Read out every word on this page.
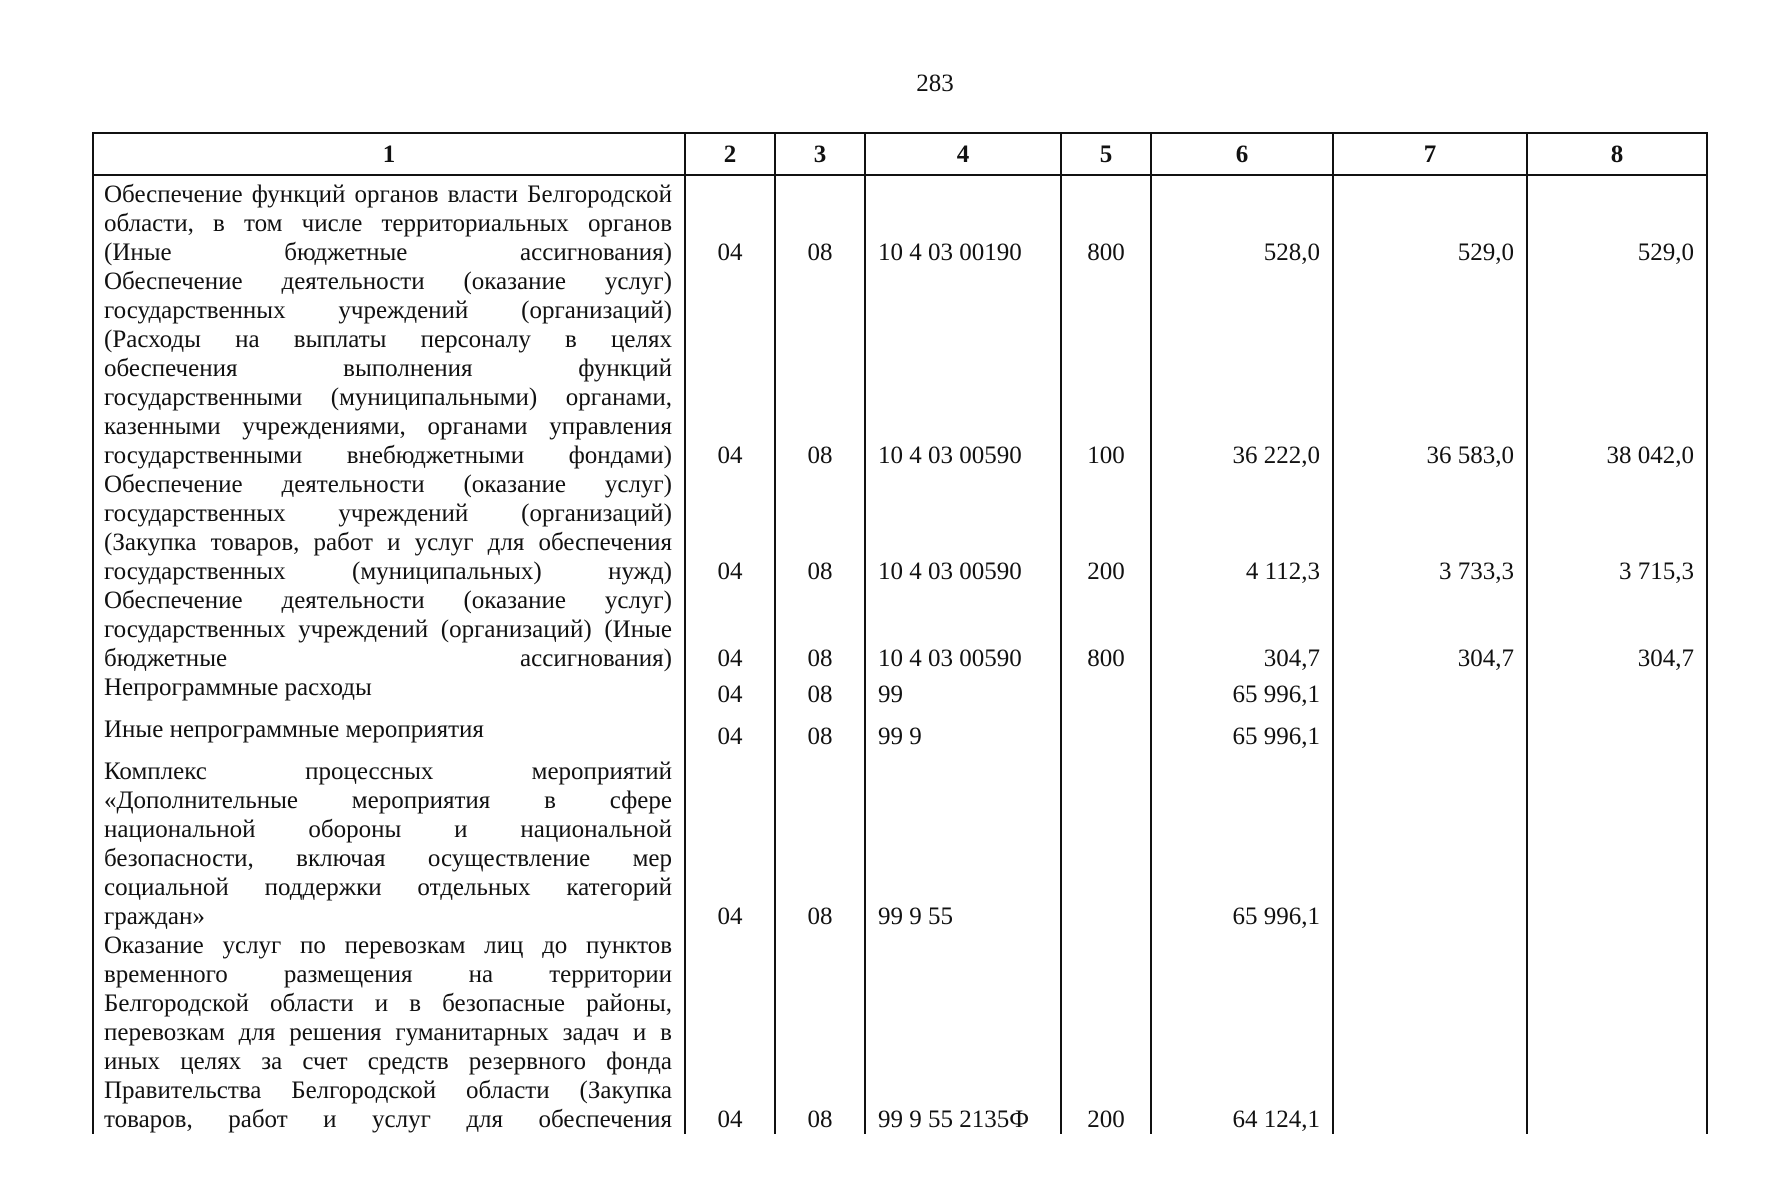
283
1	2	3	4	5	6	7	8
Обеспечение функций органов власти Белгородской области, в том числе территориальных органов (Иные бюджетные ассигнования)	04	08	10 4 03 00190	800	528,0	529,0	529,0
Обеспечение деятельности (оказание услуг) государственных учреждений (организаций) (Расходы на выплаты персоналу в целях обеспечения выполнения функций государственными (муниципальными) органами, казенными учреждениями, органами управления государственными внебюджетными фондами)	04	08	10 4 03 00590	100	36 222,0	36 583,0	38 042,0
Обеспечение деятельности (оказание услуг) государственных учреждений (организаций) (Закупка товаров, работ и услуг для обеспечения государственных (муниципальных) нужд)	04	08	10 4 03 00590	200	4 112,3	3 733,3	3 715,3
Обеспечение деятельности (оказание услуг) государственных учреждений (организаций) (Иные бюджетные ассигнования)	04	08	10 4 03 00590	800	304,7	304,7	304,7
Непрограммные расходы	04	08	99		65 996,1		
Иные непрограммные мероприятия	04	08	99 9		65 996,1		
Комплекс процессных мероприятий «Дополнительные мероприятия в сфере национальной обороны и национальной безопасности, включая осуществление мер социальной поддержки отдельных категорий граждан»	04	08	99 9 55		65 996,1		
Оказание услуг по перевозкам лиц до пунктов временного размещения на территории Белгородской области и в безопасные районы, перевозкам для решения гуманитарных задач и в иных целях за счет средств резервного фонда Правительства Белгородской области (Закупка товаров, работ и услуг для обеспечения	04	08	99 9 55 2135Ф	200	64 124,1		
